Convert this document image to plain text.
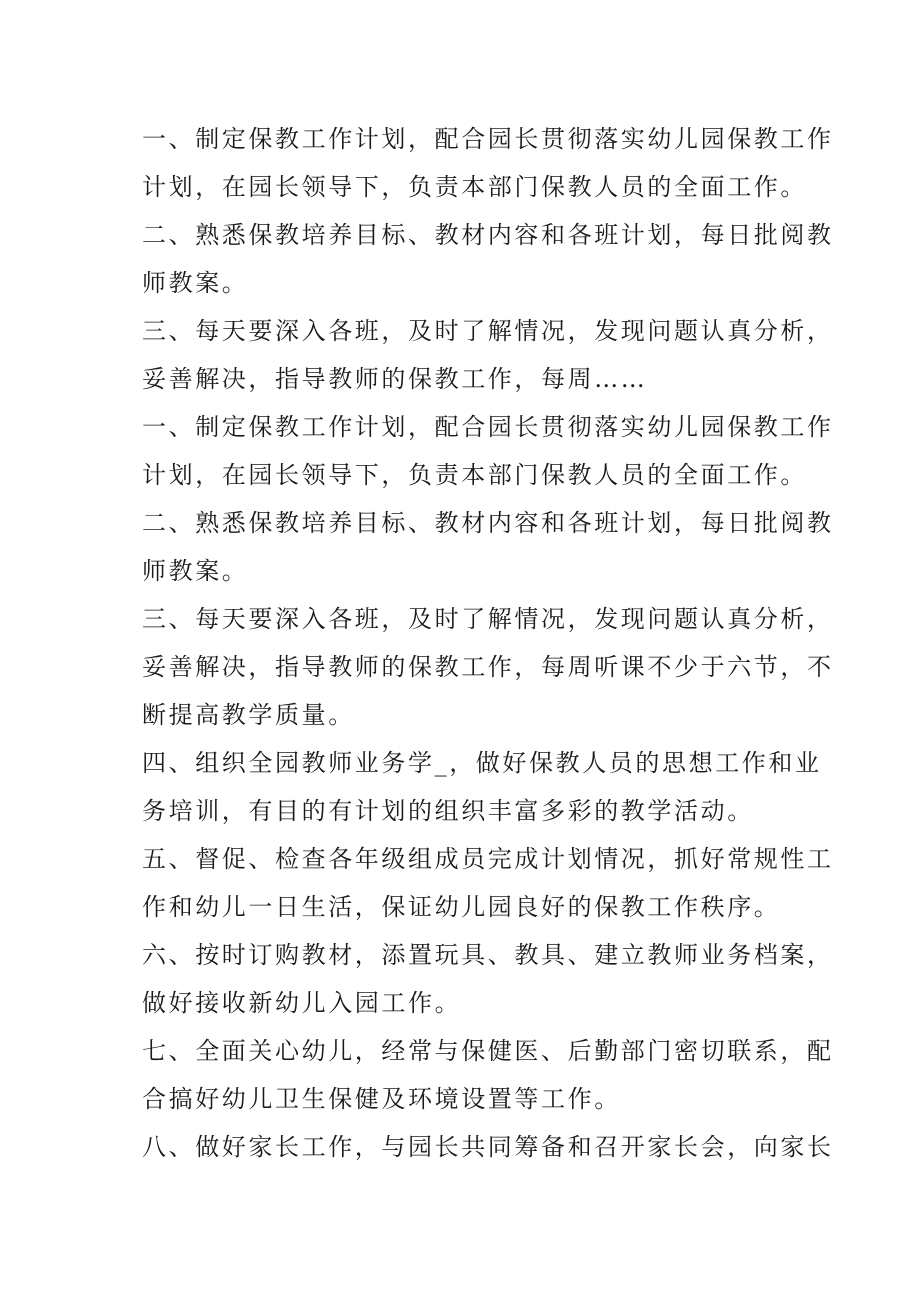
一、制定保教工作计划，配合园长贯彻落实幼儿园保教工作
计划，在园长领导下，负责本部门保教人员的全面工作。
二、熟悉保教培养目标、教材内容和各班计划，每日批阅教
师教案。
三、每天要深入各班，及时了解情况，发现问题认真分析，
妥善解决，指导教师的保教工作，每周……
一、制定保教工作计划，配合园长贯彻落实幼儿园保教工作
计划，在园长领导下，负责本部门保教人员的全面工作。
二、熟悉保教培养目标、教材内容和各班计划，每日批阅教
师教案。
三、每天要深入各班，及时了解情况，发现问题认真分析，
妥善解决，指导教师的保教工作，每周听课不少于六节，不
断提高教学质量。
四、组织全园教师业务学_，做好保教人员的思想工作和业
务培训，有目的有计划的组织丰富多彩的教学活动。
五、督促、检查各年级组成员完成计划情况，抓好常规性工
作和幼儿一日生活，保证幼儿园良好的保教工作秩序。
六、按时订购教材，添置玩具、教具、建立教师业务档案，
做好接收新幼儿入园工作。
七、全面关心幼儿，经常与保健医、后勤部门密切联系，配
合搞好幼儿卫生保健及环境设置等工作。
八、做好家长工作，与园长共同筹备和召开家长会，向家长
